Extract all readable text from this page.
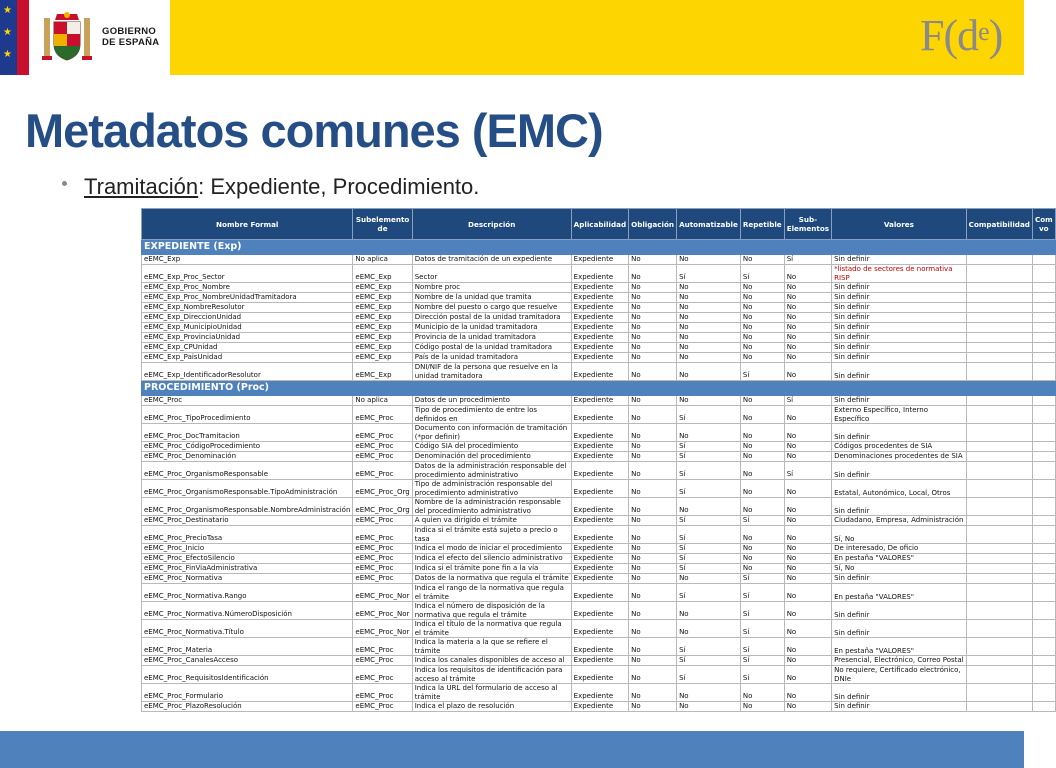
★
★
★
GOBIERNO
DE ESPAÑA	$F(d^e)$
Metadatos comunes (EMC)
Tramitación: Expediente, Procedimiento.
Nombre Formal	Subelemento de	Descripción	Aplicabilidad	Obligación	Automatizable	Repetible	Sub-Elementos	Valores	Compatibilidad	Com vo
EXPEDIENTE (Exp)										
eEMC_Exp	No aplica	Datos de tramitación de un expediente	Expediente	No	No	No	Sí	Sin definir		
eEMC_Exp_Proc_Sector	eEMC_Exp	Sector	Expediente	No	Sí	Sí	No	*listado de sectores de normativa RISP		
eEMC_Exp_Proc_Nombre	eEMC_Exp	Nombre proc	Expediente	No	No	No	No	Sin definir		
eEMC_Exp_Proc_NombreUnidadTramitadora	eEMC_Exp	Nombre de la unidad que tramita	Expediente	No	No	No	No	Sin definir		
eEMC_Exp_NombreResolutor	eEMC_Exp	Nombre del puesto o cargo que resuelve	Expediente	No	No	No	No	Sin definir		
eEMC_Exp_DireccionUnidad	eEMC_Exp	Dirección postal de la unidad tramitadora	Expediente	No	No	No	No	Sin definir		
eEMC_Exp_MunicipioUnidad	eEMC_Exp	Municipio de la unidad tramitadora	Expediente	No	No	No	No	Sin definir		
eEMC_Exp_ProvinciaUnidad	eEMC_Exp	Provincia de la unidad tramitadora	Expediente	No	No	No	No	Sin definir		
eEMC_Exp_CPUnidad	eEMC_Exp	Código postal de la unidad tramitadora	Expediente	No	No	No	No	Sin definir		
eEMC_Exp_PaisUnidad	eEMC_Exp	País de la unidad tramitadora	Expediente	No	No	No	No	Sin definir		
eEMC_Exp_IdentificadorResolutor	eEMC_Exp	DNI/NIF de la persona que resuelve en la unidad tramitadora	Expediente	No	No	Sí	No	Sin definir		
PROCEDIMIENTO (Proc)										
eEMC_Proc	No aplica	Datos de un procedimiento	Expediente	No	No	No	Sí	Sin definir		
eEMC_Proc_TipoProcedimiento	eEMC_Proc	Tipo de procedimiento de entre los definidos en	Expediente	No	Sí	No	No	Externo Específico, Interno Específico		
eEMC_Proc_DocTramitacion	eEMC_Proc	Documento con información de tramitación (*por definir)	Expediente	No	No	No	No	Sin definir		
eEMC_Proc_CódigoProcedimiento	eEMC_Proc	Código SIA del procedimiento	Expediente	No	Sí	No	No	Códigos procedentes de SIA		
eEMC_Proc_Denominación	eEMC_Proc	Denominación del procedimiento	Expediente	No	Sí	No	No	Denominaciones procedentes de SIA		
eEMC_Proc_OrganismoResponsable	eEMC_Proc	Datos de la administración responsable del procedimiento administrativo	Expediente	No	Sí	No	Sí	Sin definir		
eEMC_Proc_OrganismoResponsable.TipoAdministración	eEMC_Proc_Org	Tipo de administración responsable del procedimiento administrativo	Expediente	No	Sí	No	No	Estatal, Autonómico, Local, Otros		
eEMC_Proc_OrganismoResponsable.NombreAdministración	eEMC_Proc_Org	Nombre de la administración responsable del procedimiento administrativo	Expediente	No	No	No	No	Sin definir		
eEMC_Proc_Destinatario	eEMC_Proc	A quien va dirigido el trámite	Expediente	No	Sí	Sí	No	Ciudadano, Empresa, Administración		
eEMC_Proc_PrecioTasa	eEMC_Proc	Indica si el trámite está sujeto a precio o tasa	Expediente	No	Sí	No	No	Sí, No		
eEMC_Proc_Inicio	eEMC_Proc	Indica el modo de iniciar el procedimiento	Expediente	No	Sí	No	No	De interesado, De oficio		
eEMC_Proc_EfectoSilencio	eEMC_Proc	Indica el efecto del silencio administrativo	Expediente	No	Sí	No	No	En pestaña "VALORES"		
eEMC_Proc_FinViaAdministrativa	eEMC_Proc	Indica si el trámite pone fin a la vía	Expediente	No	Sí	No	No	Sí, No		
eEMC_Proc_Normativa	eEMC_Proc	Datos de la normativa que regula el trámite	Expediente	No	No	Sí	No	Sin definir		
eEMC_Proc_Normativa.Rango	eEMC_Proc_Nor	Indica el rango de la normativa que regula el trámite	Expediente	No	Sí	Sí	No	En pestaña "VALORES"		
eEMC_Proc_Normativa.NúmeroDisposición	eEMC_Proc_Nor	Indica el número de disposición de la normativa que regula el trámite	Expediente	No	No	Sí	No	Sin definir		
eEMC_Proc_Normativa.Título	eEMC_Proc_Nor	Indica el título de la normativa que regula el trámite	Expediente	No	No	Sí	No	Sin definir		
eEMC_Proc_Materia	eEMC_Proc	Indica la materia a la que se refiere el trámite	Expediente	No	Sí	Sí	No	En pestaña "VALORES"		
eEMC_Proc_CanalesAcceso	eEMC_Proc	Indica los canales disponibles de acceso al	Expediente	No	Sí	Sí	No	Presencial, Electrónico, Correo Postal		
eEMC_Proc_RequisitosIdentificación	eEMC_Proc	Indica los requisitos de identificación para acceso al trámite	Expediente	No	Sí	Sí	No	No requiere, Certificado electrónico, DNIe		
eEMC_Proc_Formulario	eEMC_Proc	Indica la URL del formulario de acceso al trámite	Expediente	No	No	No	No	Sin definir		
eEMC_Proc_PlazoResolución	eEMC_Proc	Indica el plazo de resolución	Expediente	No	No	No	No	Sin definir		
